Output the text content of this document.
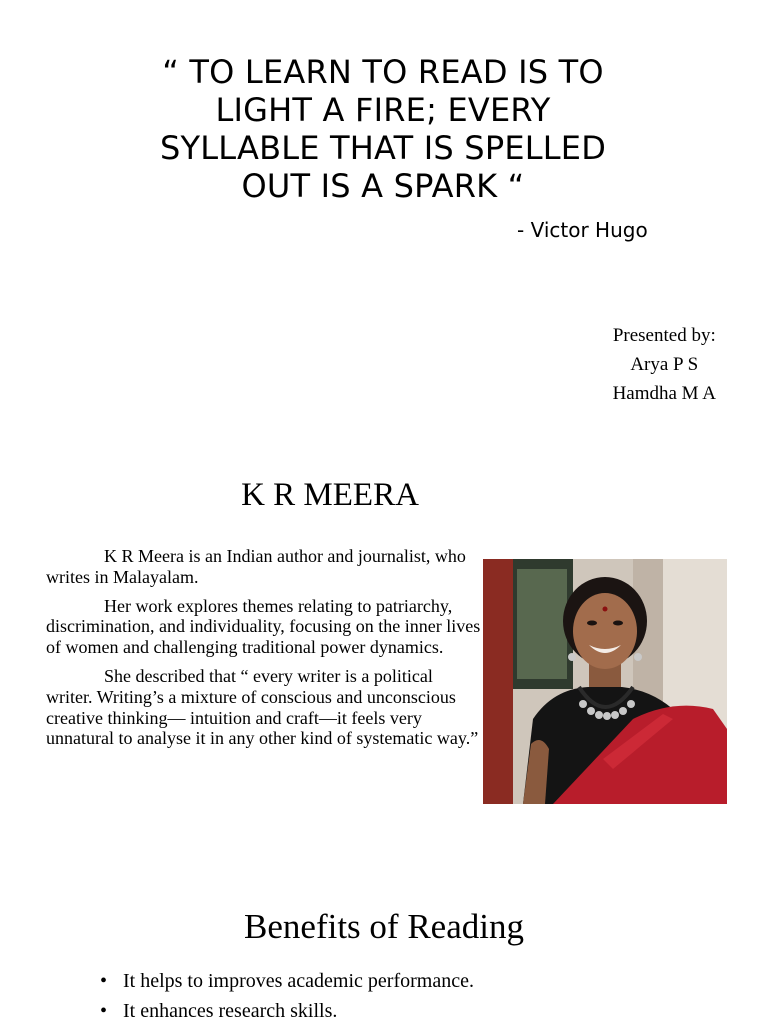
“ TO LEARN TO READ IS TO
LIGHT A FIRE; EVERY
SYLLABLE THAT IS SPELLED
OUT IS A SPARK “

- Victor Hugo

Presented by:
Arya P S
Hamdha M A
K R MEERA

K R Meera is an Indian author and journalist, who writes in Malayalam.

Her work explores themes relating to patriarchy, discrimination, and individuality, focusing on the inner lives of women and challenging traditional power dynamics.

She described that “ every writer is a political writer. Writing’s a mixture of conscious and unconscious creative thinking— intuition and craft—it feels very unnatural to analyse it in any other kind of systematic way.”

Benefits of Reading
• It helps to improves academic performance.
• It enhances research skills.
